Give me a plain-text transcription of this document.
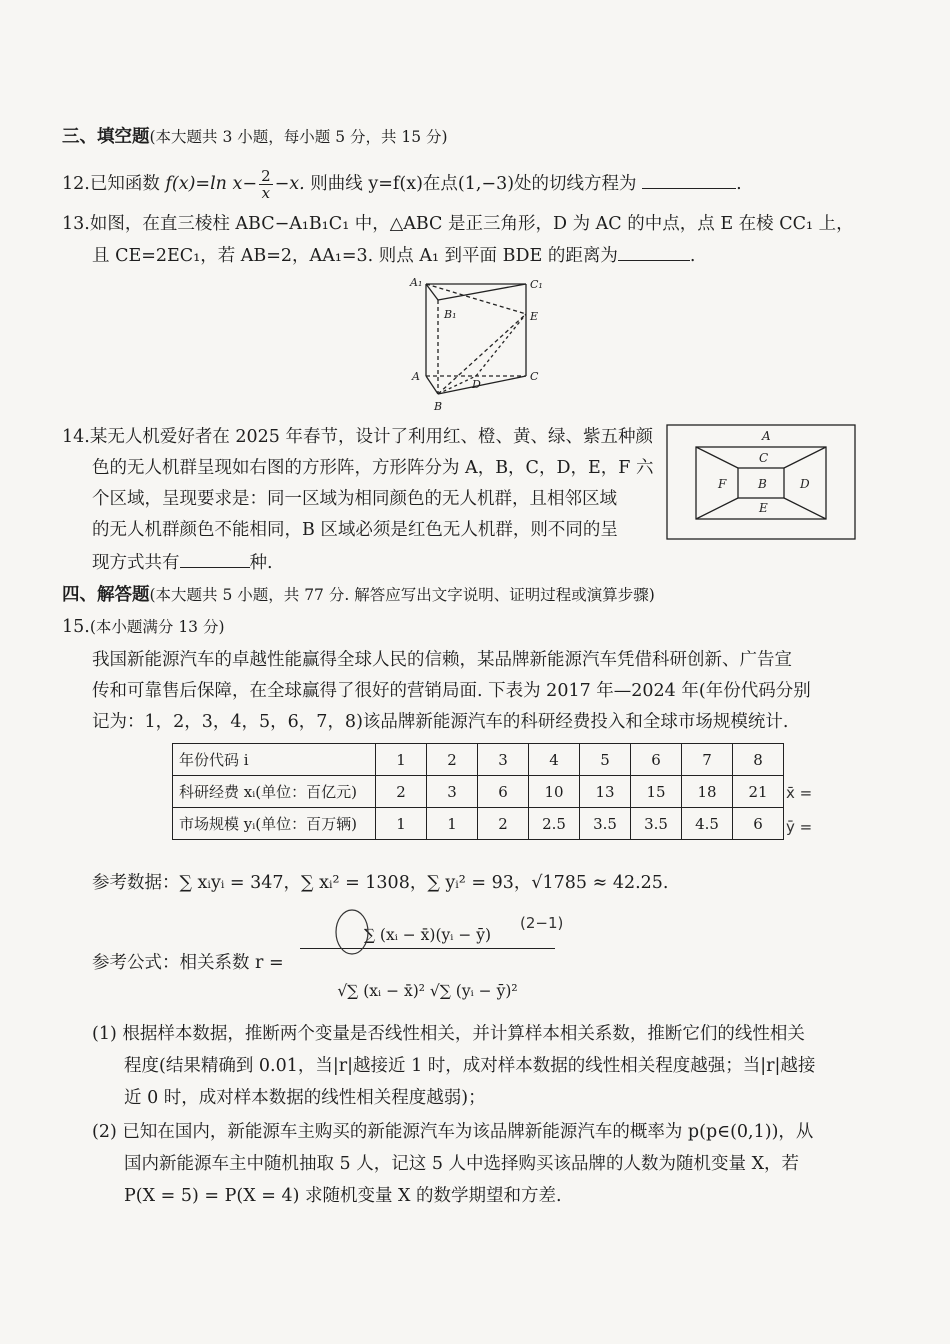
三、填空题(本大题共 3 小题，每小题 5 分，共 15 分)
12.已知函数 f(x)=ln $x- \frac{2}{x} -x$. 则曲线 y=f(x)在点(1,−3)处的切线方程为	.
13.如图，在直三棱柱 ABC−A₁B₁C₁ 中，△ABC 是正三角形，D 为 AC 的中点，点 E 在棱 CC₁ 上，
且 CE=2EC₁，若 AB=2，AA₁=3. 则点 A₁ 到平面 BDE 的距离为	.
A₁	C₁
B₁	E
A	C
D
B
14.某无人机爱好者在 2025 年春节，设计了利用红、橙、黄、绿、紫五种颜
色的无人机群呈现如右图的方形阵，方形阵分为 A，B，C，D，E，F 六
个区域，呈现要求是：同一区域为相同颜色的无人机群，且相邻区域
的无人机群颜色不能相同，B 区域必须是红色无人机群，则不同的呈
现方式共有	种.
A
C
F	B	D
E
四、解答题(本大题共 5 小题，共 77 分. 解答应写出文字说明、证明过程或演算步骤)
15.(本小题满分 13 分)
我国新能源汽车的卓越性能赢得全球人民的信赖，某品牌新能源汽车凭借科研创新、广告宣
传和可靠售后保障，在全球赢得了很好的营销局面. 下表为 2017 年—2024 年(年份代码分别
记为：1，2，3，4，5，6，7，8)该品牌新能源汽车的科研经费投入和全球市场规模统计.
年份代码 i	1	2	3	4	5	6	7	8
科研经费 xᵢ(单位：百亿元)	2	3	6	10	13	15	18	21
市场规模 yᵢ(单位：百万辆)	1	1	2	2.5	3.5	3.5	4.5	6
x̄ =
ȳ =
参考数据：∑ xᵢyᵢ = 347，∑ xᵢ² = 1308，∑ yᵢ² = 93，√1785 ≈ 42.25.
参考公式：相关系数 r =
∑ (xᵢ − x̄)(yᵢ − ȳ)
√∑ (xᵢ − x̄)² √∑ (yᵢ − ȳ)²
(2−1)
(1) 根据样本数据，推断两个变量是否线性相关，并计算样本相关系数，推断它们的线性相关
程度(结果精确到 0.01，当|r|越接近 1 时，成对样本数据的线性相关程度越强；当|r|越接
近 0 时，成对样本数据的线性相关程度越弱)；
(2) 已知在国内，新能源车主购买的新能源汽车为该品牌新能源汽车的概率为 p(p∈(0,1))，从
国内新能源车主中随机抽取 5 人，记这 5 人中选择购买该品牌的人数为随机变量 X，若
P(X = 5) = P(X = 4) 求随机变量 X 的数学期望和方差.
